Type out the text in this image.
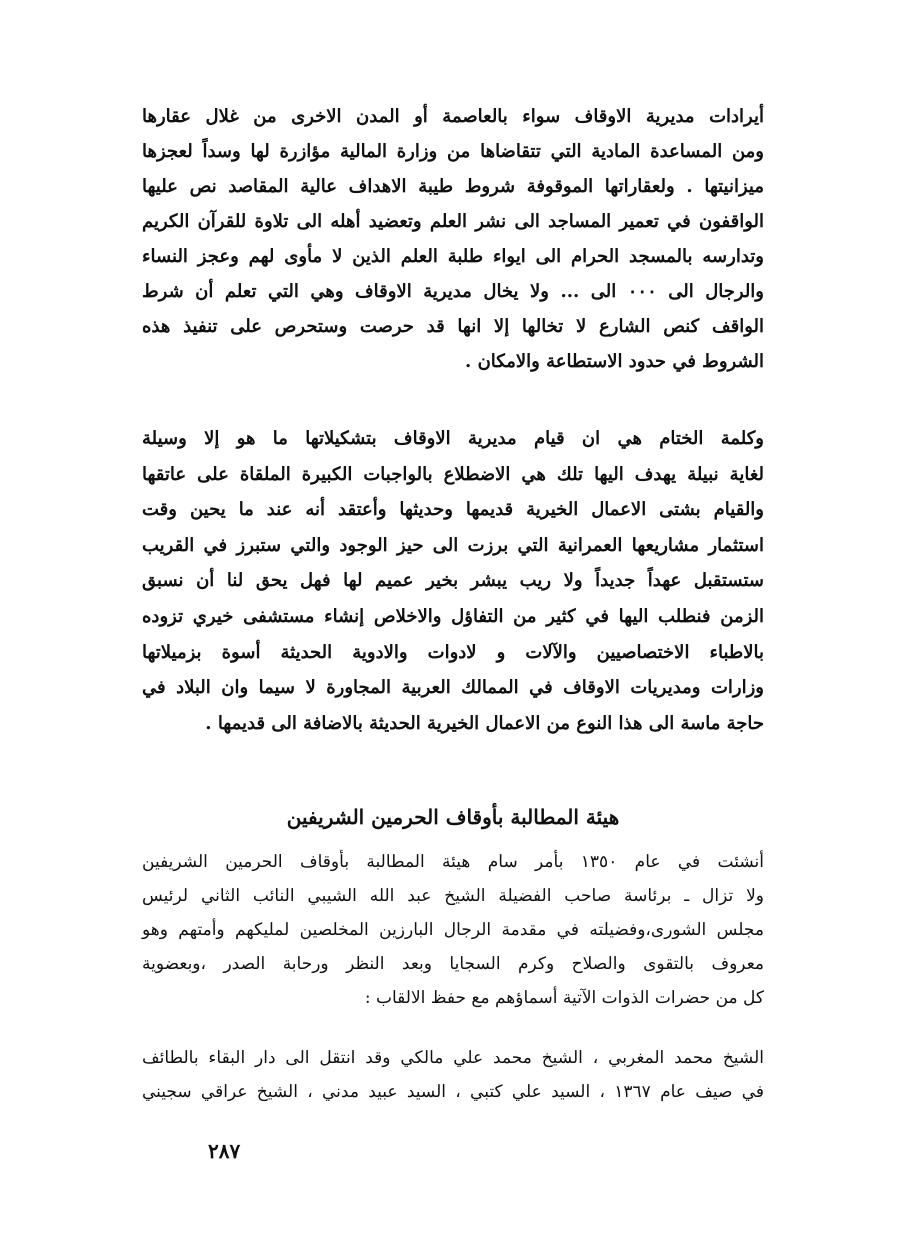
أيرادات مديرية الاوقاف سواء بالعاصمة أو المدن الاخرى من غلال عقارها
ومن المساعدة المادية التي تتقاضاها من وزارة المالية مؤازرة لها وسداً لعجزها
ميزانيتها . ولعقاراتها الموقوفة شروط طيبة الاهداف عالية المقاصد نص عليها
الواقفون في تعمير المساجد الى نشر العلم وتعضيد أهله الى تلاوة للقرآن الكريم
وتدارسه بالمسجد الحرام الى ايواء طلبة العلم الذين لا مأوى لهم وعجز النساء
والرجال الى ٠٠٠ الى ... ولا يخال مديرية الاوقاف وهي التي تعلم أن شرط
الواقف كنص الشارع لا تخالها إلا انها قد حرصت وستحرص على تنفيذ هذه
الشروط في حدود الاستطاعة والامكان .
وكلمة الختام هي ان قيام مديرية الاوقاف بتشكيلاتها ما هو إلا وسيلة
لغاية نبيلة يهدف اليها تلك هي الاضطلاع بالواجبات الكبيرة الملقاة على عاتقها
والقيام بشتى الاعمال الخيرية قديمها وحديثها وأعتقد أنه عند ما يحين وقت
استثمار مشاريعها العمرانية التي برزت الى حيز الوجود والتي ستبرز في القريب
ستستقبل عهداً جديداً ولا ريب يبشر بخير عميم لها فهل يحق لنا أن نسبق
الزمن فنطلب اليها في كثير من التفاؤل والاخلاص إنشاء مستشفى خيري تزوده
بالاطباء الاختصاصيين والآلات و لادوات والادوية الحديثة أسوة بزميلاتها
وزارات ومديريات الاوقاف في الممالك العربية المجاورة لا سيما وان البلاد في
حاجة ماسة الى هذا النوع من الاعمال الخيرية الحديثة بالاضافة الى قديمها .
هيئة المطالبة بأوقاف الحرمين الشريفين
أنشئت في عام ١٣٥٠ بأمر سام هيئة المطالبة بأوقاف الحرمين الشريفين
ولا تزال ـ برئاسة صاحب الفضيلة الشيخ عبد الله الشيبي النائب الثاني لرئيس
مجلس الشورى،وفضيلته في مقدمة الرجال البارزين المخلصين لمليكهم وأمتهم وهو
معروف بالتقوى والصلاح وكرم السجايا وبعد النظر ورحابة الصدر ،وبعضوية
كل من حضرات الذوات الآتية أسماؤهم مع حفظ الالقاب :
الشيخ محمد المغربي ، الشيخ محمد علي مالكي وقد انتقل الى دار البقاء بالطائف
في صيف عام ١٣٦٧ ، السيد علي كتبي ، السيد عبيد مدني ، الشيخ عراقي سجيني
٢٨٧
